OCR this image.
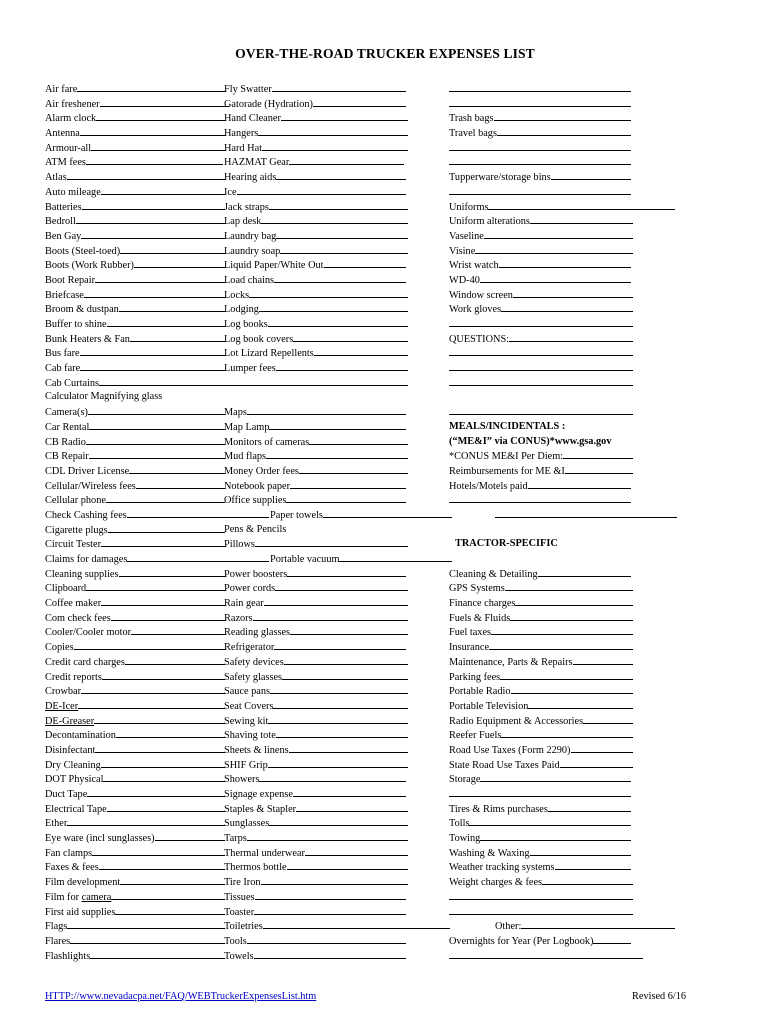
OVER-THE-ROAD TRUCKER EXPENSES LIST
Air fare
Air freshener
Alarm clock
Antenna
Armour-all
ATM fees
Atlas
Auto mileage
Batteries
Bedroll
Ben Gay
Boots (Steel-toed)
Boots (Work Rubber)
Boot Repair
Briefcase
Broom & dustpan
Buffer to shine
Bunk Heaters & Fan
Bus fare
Cab fare
Cab Curtains
Calculator Magnifying glass
Camera(s)
Car Rental
CB Radio
CB Repair
CDL Driver License
Cellular/Wireless fees
Cellular phone
Check Cashing fees
Cigarette plugs
Circuit Tester
Claims for damages
Cleaning supplies
Clipboard
Coffee maker
Com check fees
Cooler/Cooler motor
Copies
Credit card charges
Credit reports
Crowbar
DE-Icer
DE-Greaser
Decontamination
Disinfectant
Dry Cleaning
DOT Physical
Duct Tape
Electrical Tape
Ether
Eye ware (incl sunglasses)
Fan clamps
Faxes & fees
Film development
Film for camera
First aid supplies
Flags
Flares
Flashlights
Fly Swatter
Gatorade (Hydration)
Hand Cleaner
Hangers
Hard Hat
HAZMAT Gear
Hearing aids
Ice
Jack straps
Lap desk
Laundry bag
Laundry soap
Liquid Paper/White Out
Load chains
Locks
Lodging
Log books
Log book covers
Lot Lizard Repellents
Lumper fees
Maps
Map Lamp
Monitors of cameras
Mud flaps
Money Order fees
Notebook paper
Office supplies
Paper towels
Pens & Pencils
Pillows
Portable vacuum
Power boosters
Power cords
Rain gear
Razors
Reading glasses
Refrigerator
Safety devices
Safety glasses
Sauce pans
Seat Covers
Sewing kit
Shaving tote
Sheets & linens
SHIF Grip
Showers
Signage expense
Staples & Stapler
Sunglasses
Tarps
Thermal underwear
Thermos bottle
Tire Iron
Tissues
Toaster
Toiletries
Tools
Towels
Trash bags
Travel bags
Tupperware/storage bins
Uniforms
Uniform alterations
Vaseline
Visine
Wrist watch
WD-40
Window screen
Work gloves
QUESTIONS:
MEALS/INCIDENTALS :
(“ME&I” via CONUS)*www.gsa.gov
*CONUS ME&I Per Diem:
Reimbursements for ME &I
Hotels/Motels paid
TRACTOR-SPECIFIC
Cleaning & Detailing
GPS Systems
Finance charges
Fuels & Fluids
Fuel taxes
Insurance
Maintenance, Parts & Repairs
Parking fees
Portable Radio
Portable Television
Radio Equipment & Accessories
Reefer Fuels
Road Use Taxes (Form 2290)
State Road Use Taxes Paid
Storage
Tires & Rims purchases
Tolls
Towing
Washing & Waxing
Weather tracking systems
Weight charges & fees
Other:
Overnights for Year (Per Logbook)
HTTP://www.nevadacpa.net/FAQ/WEBTruckerExpensesList.htm	Revised 6/16
